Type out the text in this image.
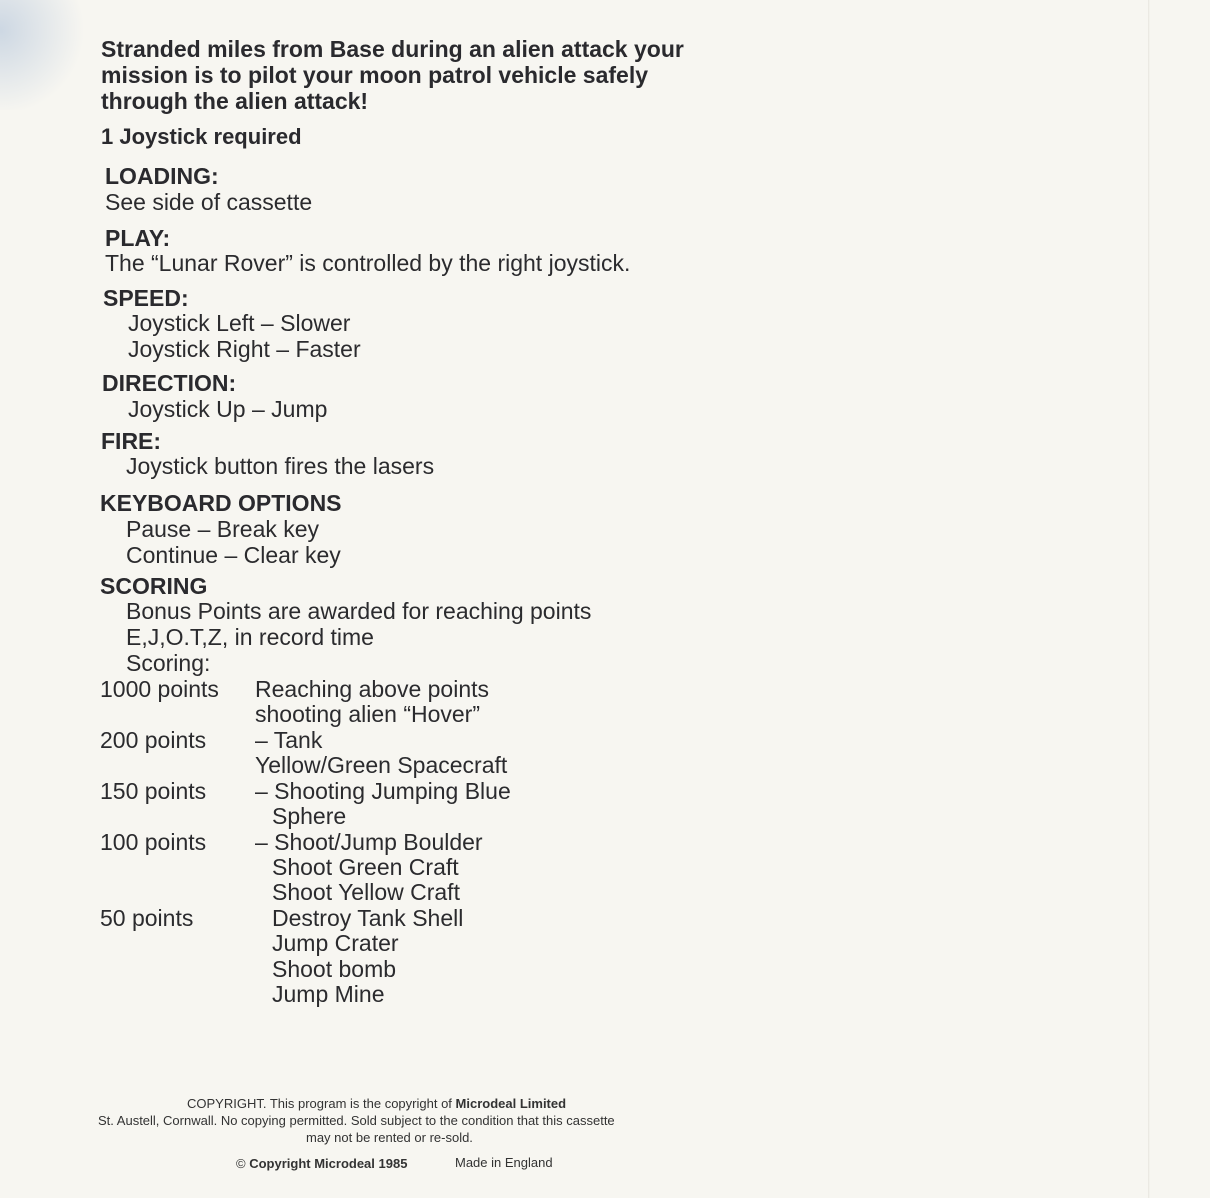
Stranded miles from Base during an alien attack your mission is to pilot your moon patrol vehicle safely through the alien attack!
1 Joystick required
LOADING:
See side of cassette
PLAY:
The “Lunar Rover” is controlled by the right joystick.
SPEED:
Joystick Left – Slower
Joystick Right – Faster
DIRECTION:
Joystick Up – Jump
FIRE:
Joystick button fires the lasers
KEYBOARD OPTIONS
Pause – Break key
Continue – Clear key
SCORING
Bonus Points are awarded for reaching points
E,J,O.T,Z, in record time
Scoring:
1000 points Reaching above points
shooting alien “Hover”
200 points – Tank
Yellow/Green Spacecraft
150 points – Shooting Jumping Blue
Sphere
100 points – Shoot/Jump Boulder
Shoot Green Craft
Shoot Yellow Craft
50 points	Destroy Tank Shell
Jump Crater
Shoot bomb
Jump Mine
COPYRIGHT. This program is the copyright of Microdeal Limited
St. Austell, Cornwall. No copying permitted. Sold subject to the condition that this cassette
may not be rented or re-sold.
© Copyright Microdeal 1985	Made in England
